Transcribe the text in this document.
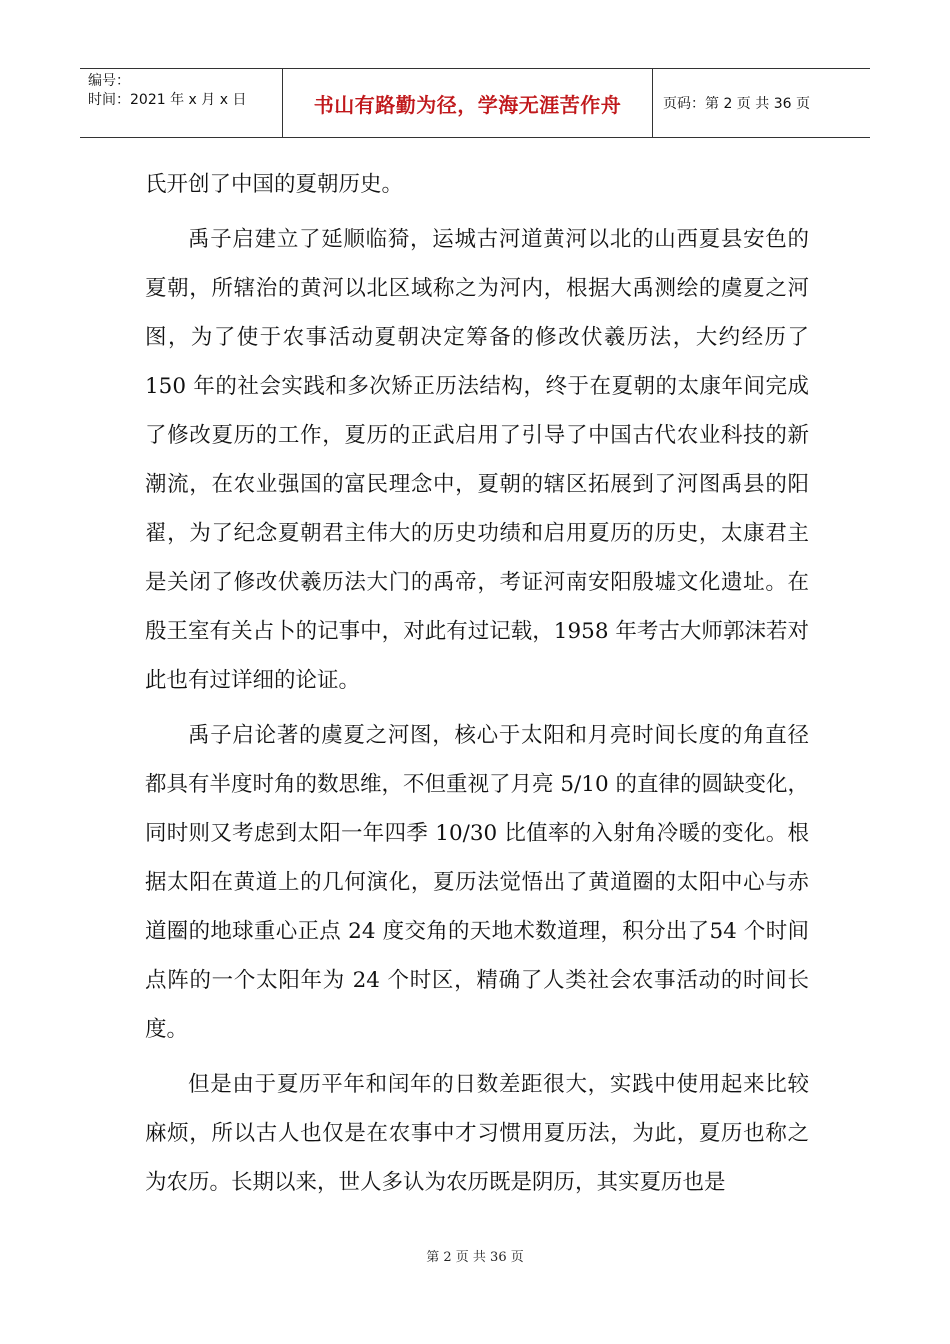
编号：
时间：2021 年 x 月 x 日	书山有路勤为径，学海无涯苦作舟	页码：第 2 页 共 36 页

氏开创了中国的夏朝历史。

禹子启建立了延顺临猗，运城古河道黄河以北的山西夏县安色的夏朝，所辖治的黄河以北区域称之为河内，根据大禹测绘的虞夏之河图，为了使于农事活动夏朝决定筹备的修改伏羲历法，大约经历了 150 年的社会实践和多次矫正历法结构，终于在夏朝的太康年间完成了修改夏历的工作，夏历的正武启用了引导了中国古代农业科技的新潮流，在农业强国的富民理念中，夏朝的辖区拓展到了河图禹县的阳翟，为了纪念夏朝君主伟大的历史功绩和启用夏历的历史，太康君主是关闭了修改伏羲历法大门的禹帝，考证河南安阳殷墟文化遗址。在殷王室有关占卜的记事中，对此有过记载，1958 年考古大师郭沫若对此也有过详细的论证。

禹子启论著的虞夏之河图，核心于太阳和月亮时间长度的角直径都具有半度时角的数思维，不但重视了月亮 5/10 的直律的圆缺变化，同时则又考虑到太阳一年四季 10/30 比值率的入射角冷暖的变化。根据太阳在黄道上的几何演化，夏历法觉悟出了黄道圈的太阳中心与赤道圈的地球重心正点 24 度交角的天地术数道理，积分出了54 个时间点阵的一个太阳年为 24 个时区，精确了人类社会农事活动的时间长度。

但是由于夏历平年和闰年的日数差距很大，实践中使用起来比较麻烦，所以古人也仅是在农事中才习惯用夏历法，为此，夏历也称之为农历。长期以来，世人多认为农历既是阴历，其实夏历也是

第 2 页 共 36 页
